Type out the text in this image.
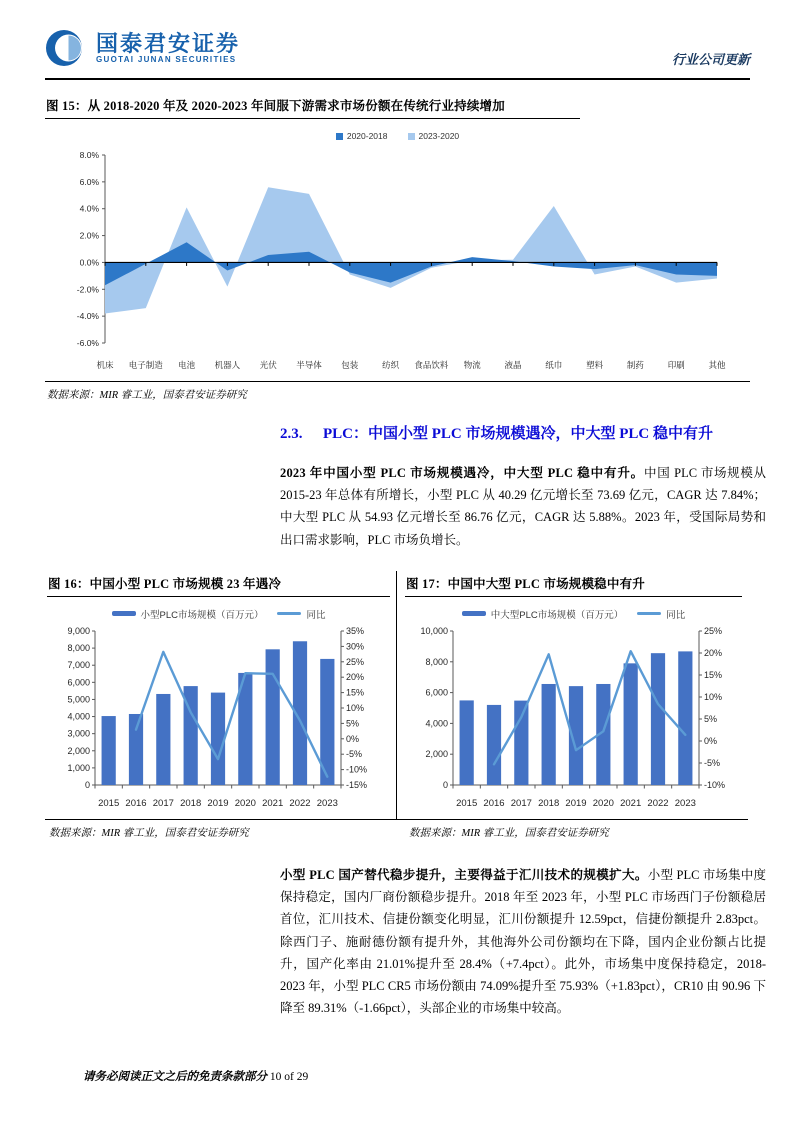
国泰君安证券
GUOTAI JUNAN SECURITIES	行业公司更新
图 15：从 2018-2020 年及 2020-2023 年间服下游需求市场份额在传统行业持续增加
2020-2018	2023-2020
8.0%
6.0%
4.0%
2.0%
0.0%
-2.0%
-4.0%
-6.0%
机床 电子制造 电池 机器人 光伏 半导体 包装	纺织 食品饮料 物流	液晶	纸巾	塑料	制药	印刷	其他
数据来源：MIR 睿工业，国泰君安证券研究
2.3.	PLC：中国小型 PLC 市场规模遇冷，中大型 PLC 稳中有升

2023 年中国小型 PLC 市场规模遇冷，中大型 PLC 稳中有升。中国 PLC 市场规模从 2015-23 年总体有所增长，小型 PLC 从 40.29 亿元增长至 73.69 亿元，CAGR 达 7.84%；中大型 PLC 从 54.93 亿元增长至 86.76 亿元，CAGR 达 5.88%。2023 年，受国际局势和出口需求影响，PLC 市场负增长。

图 16：中国小型 PLC 市场规模 23 年遇冷
小型PLC市场规模（百万元）	同比
9,000
8,000
7,000
6,000
5,000
4,000
3,000
2,000
1,000
0
35%
30%
25%
20%
15%
10%
5%
0%
-5%
-10%
-15%
2015 2016 2017 2018 2019 2020 2021 2022 2023
图 17：中国中大型 PLC 市场规模稳中有升
中大型PLC市场规模（百万元）	同比
10,000
8,000
6,000
4,000
2,000
0
25%
20%
15%
10%
5%
0%
-5%
-10%
2015 2016 2017 2018 2019 2020 2021 2022 2023
数据来源：MIR 睿工业，国泰君安证券研究	数据来源：MIR 睿工业，国泰君安证券研究

小型 PLC 国产替代稳步提升，主要得益于汇川技术的规模扩大。小型 PLC 市场集中度保持稳定，国内厂商份额稳步提升。2018 年至 2023 年，小型 PLC 市场西门子份额稳居首位，汇川技术、信捷份额变化明显，汇川份额提升 12.59pct，信捷份额提升 2.83pct。除西门子、施耐德份额有提升外，其他海外公司份额均在下降，国内企业份额占比提升，国产化率由 21.01%提升至 28.4%（+7.4pct）。此外，市场集中度保持稳定，2018-2023 年，小型 PLC CR5 市场份额由 74.09%提升至 75.93%（+1.83pct），CR10 由 90.96 下降至 89.31%（-1.66pct），头部企业的市场集中较高。

请务必阅读正文之后的免责条款部分 10 of 29
